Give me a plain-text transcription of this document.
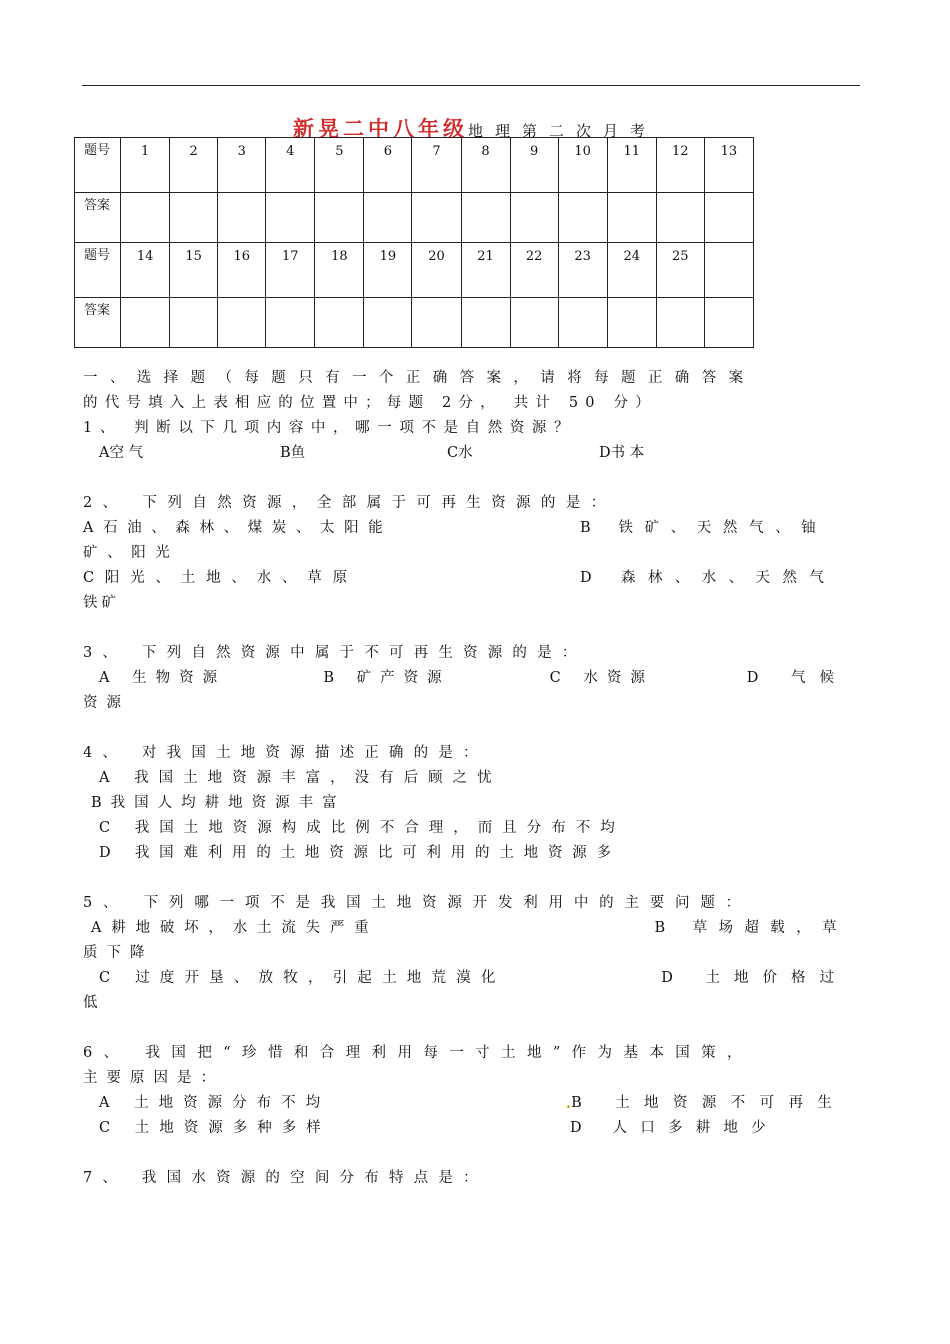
新晃二中八年级地理第二次月考
题号	1	2	3	4	5	6	7	8	9	10	11	12	13
答案													
题号	14	15	16	17	18	19	20	21	22	23	24	25	
答案													
一、选择题（每题只有一个正确答案，请将每题正确答案
的代号填入上表相应的位置中；每题 2分， 共计 50 分）
1、 判断以下几项内容中，哪一项不是自然资源？
A空 气	B鱼	C水	D书 本
2、 下列自然资源，全部属于可再生资源的是：
A石油、森林、煤炭、太阳能	B 铁矿、天然气、铀
矿、阳光
C阳光、土地、水、草原	D 森林、水、天然气
铁矿
3、 下列自然资源中属于不可再生资源的是：
A 生物资源	B 矿产资源	C 水资源	D 气候
资源
4、 对我国土地资源描述正确的是：
A 我国土地资源丰富，没有后顾之忧
B我国人均耕地资源丰富
C 我国土地资源构成比例不合理，而且分布不均
D 我国难利用的土地资源比可利用的土地资源多
5、 下列哪一项不是我国土地资源开发利用中的主要问题：
A耕地破坏，水土流失严重	B 草场超载，草
质下降
C 过度开垦、放牧，引起土地荒漠化	D 土地价格过
低
6、 我国把“珍惜和合理利用每一寸土地”作为基本国策，
主要原因是：
A 土地资源分布不均	. B 土地资源不可再生
C 土地资源多种多样	D 人口多耕地少
7、 我国水资源的空间分布特点是：
